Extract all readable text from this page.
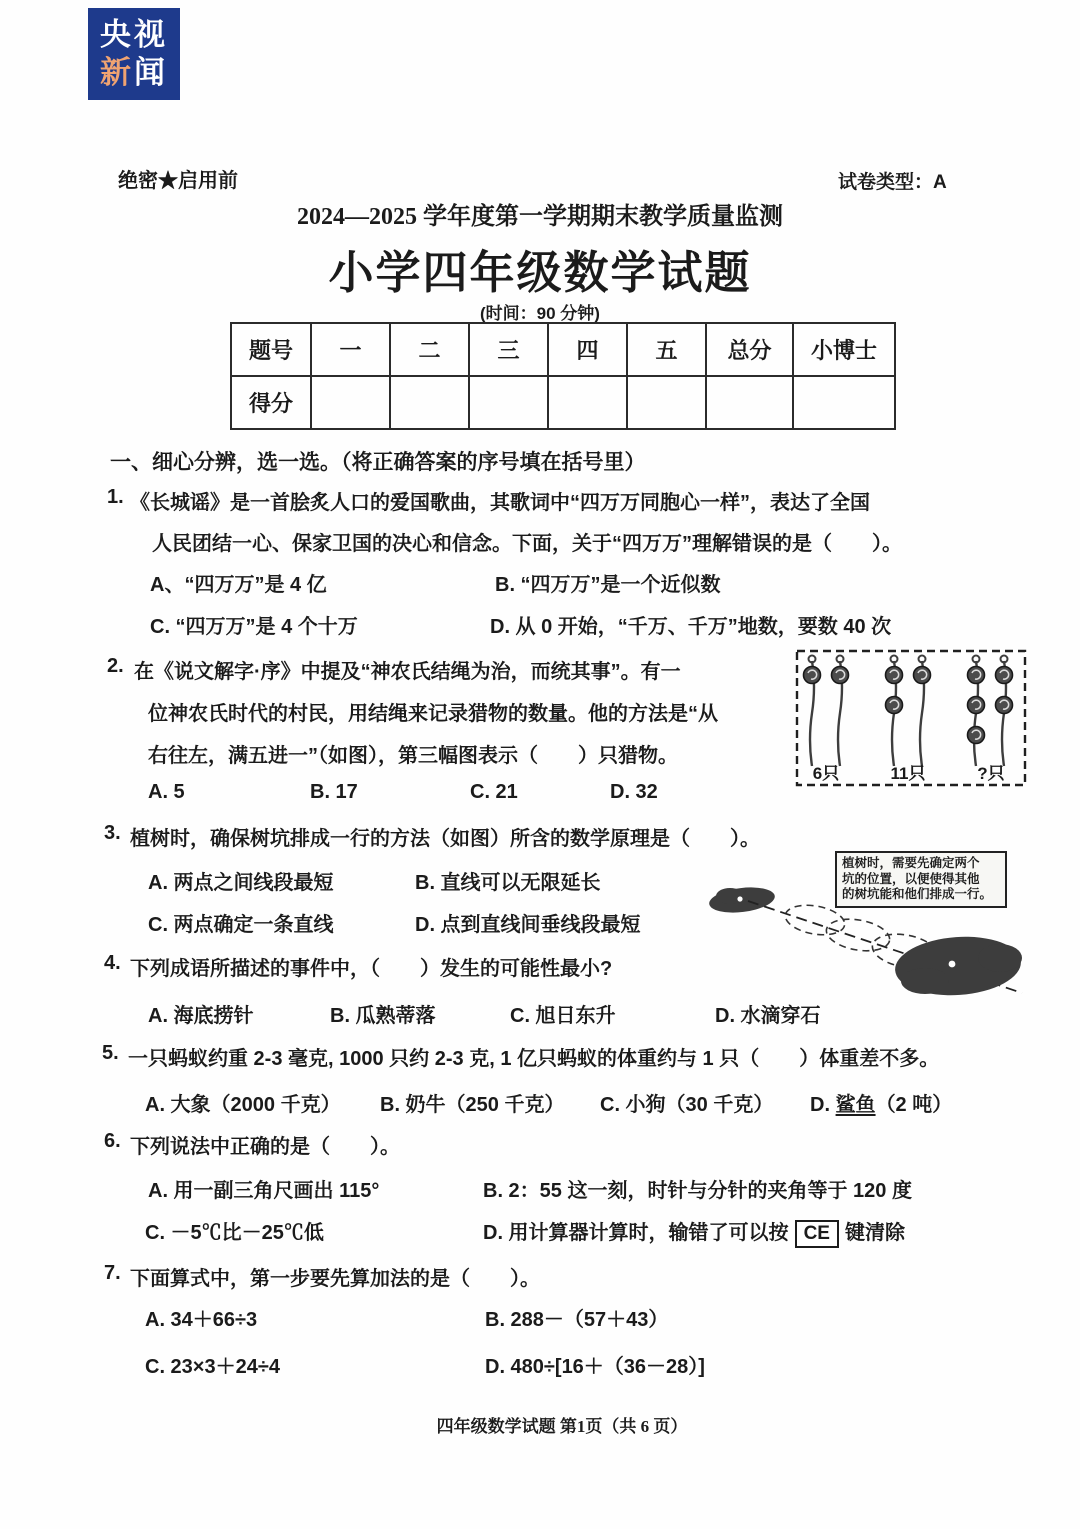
央视
新闻
绝密★启用前	试卷类型：A
2024—2025 学年度第一学期期末教学质量监测
小学四年级数学试题
(时间：90 分钟)
题号	一	二	三	四	五	总分	小博士
得分							
一、细心分辨，选一选。（将正确答案的序号填在括号里）
1. 《长城谣》是一首脍炙人口的爱国歌曲，其歌词中“四万万同胞心一样”，表达了全国
人民团结一心、保家卫国的决心和信念。下面，关于“四万万”理解错误的是（　　）。
A、“四万万”是 4 亿	B. “四万万”是一个近似数
C. “四万万”是 4 个十万	D. 从 0 开始，“千万、千万”地数，要数 40 次
2. 在《说文解字·序》中提及“神农氏结绳为治，而统其事”。有一
位神农氏时代的村民，用结绳来记录猎物的数量。他的方法是“从
右往左，满五进一”（如图），第三幅图表示（　　）只猎物。
A. 5	B. 17	C. 21	D. 32
6只	11只	?只
3. 植树时，确保树坑排成一行的方法（如图）所含的数学原理是（　　）。
A. 两点之间线段最短	B. 直线可以无限延长
C. 两点确定一条直线	D. 点到直线间垂线段最短
植树时，需要先确定两个
坑的位置，以便使得其他
的树坑能和他们排成一行。
4. 下列成语所描述的事件中，（　　）发生的可能性最小?
A. 海底捞针	B. 瓜熟蒂落	C. 旭日东升	D. 水滴穿石
5. 一只蚂蚁约重 2-3 毫克, 1000 只约 2-3 克, 1 亿只蚂蚁的体重约与 1 只（　　）体重差不多。
A. 大象（2000 千克） B. 奶牛（250 千克） C. 小狗（30 千克） D. 鲨鱼（2 吨）
6. 下列说法中正确的是（　　）。
A. 用一副三角尺画出 115°	B. 2：55 这一刻，时针与分针的夹角等于 120 度
C. －5℃比－25℃低	D. 用计算器计算时，输错了可以按 CE 键清除
7. 下面算式中，第一步要先算加法的是（　　）。
A. 34＋66÷3	B. 288－（57＋43）
C. 23×3＋24÷4	D. 480÷[16＋（36－28）]
四年级数学试题 第1页（共 6 页）
